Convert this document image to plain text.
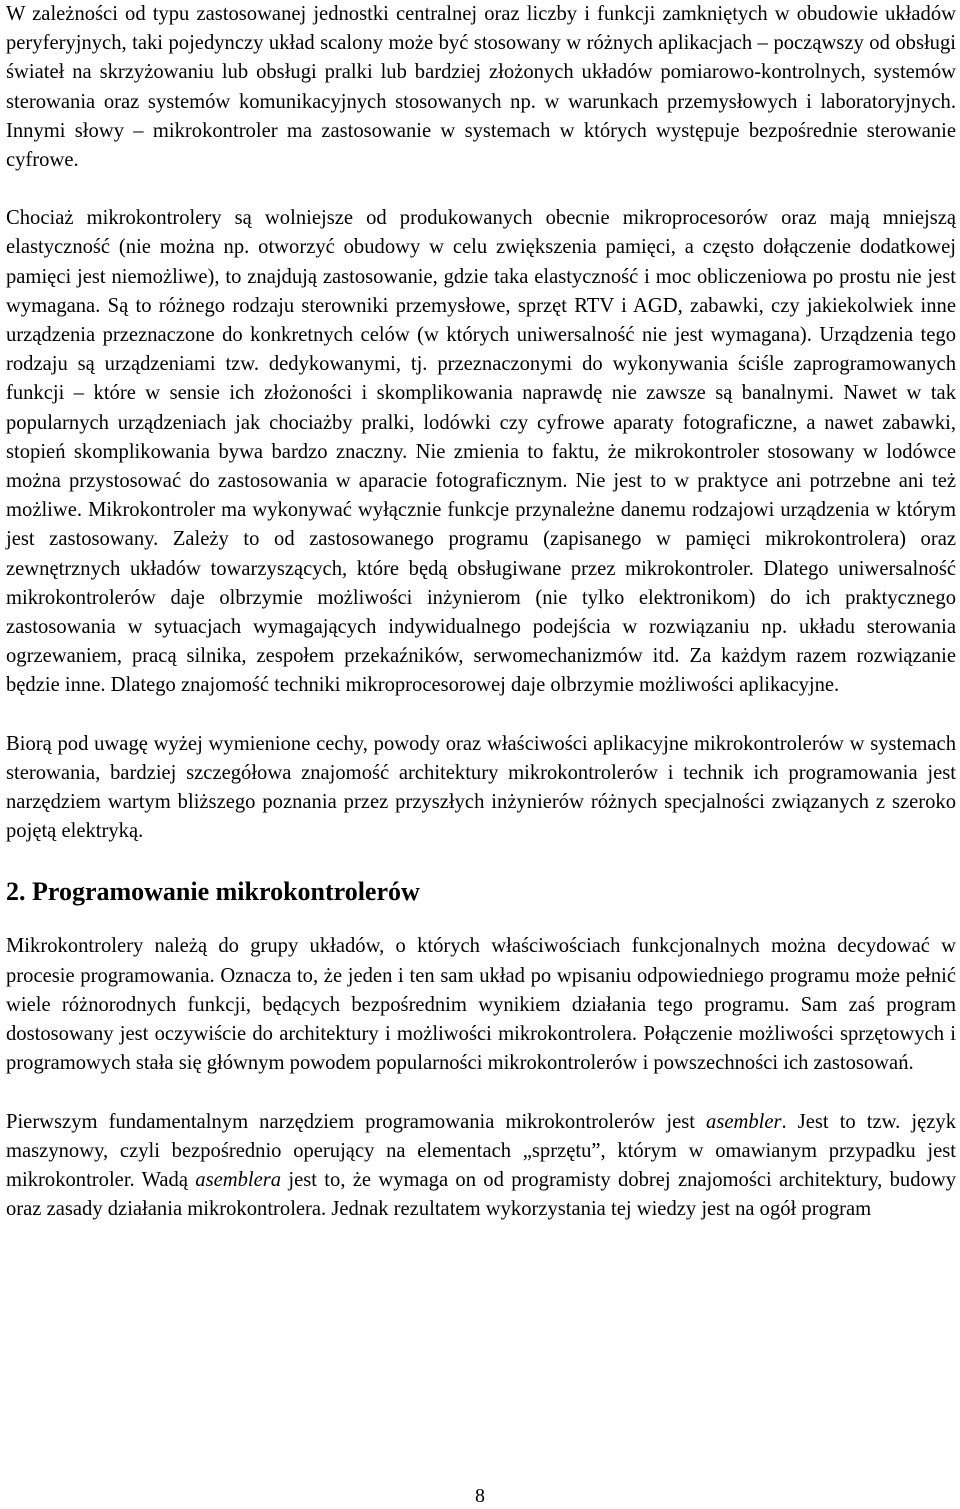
W zależności od typu zastosowanej jednostki centralnej oraz liczby i funkcji zamkniętych w obudowie układów peryferyjnych, taki pojedynczy układ scalony może być stosowany w różnych aplikacjach – począwszy od obsługi świateł na skrzyżowaniu lub obsługi pralki lub bardziej złożonych układów pomiarowo-kontrolnych, systemów sterowania oraz systemów komunikacyjnych stosowanych np. w warunkach przemysłowych i laboratoryjnych. Innymi słowy – mikrokontroler ma zastosowanie w systemach w których występuje bezpośrednie sterowanie cyfrowe.

Chociaż mikrokontrolery są wolniejsze od produkowanych obecnie mikroprocesorów oraz mają mniejszą elastyczność (nie można np. otworzyć obudowy w celu zwiększenia pamięci, a często dołączenie dodatkowej pamięci jest niemożliwe), to znajdują zastosowanie, gdzie taka elastyczność i moc obliczeniowa po prostu nie jest wymagana. Są to różnego rodzaju sterowniki przemysłowe, sprzęt RTV i AGD, zabawki, czy jakiekolwiek inne urządzenia przeznaczone do konkretnych celów (w których uniwersalność nie jest wymagana). Urządzenia tego rodzaju są urządzeniami tzw. dedykowanymi, tj. przeznaczonymi do wykonywania ściśle zaprogramowanych funkcji – które w sensie ich złożoności i skomplikowania naprawdę nie zawsze są banalnymi. Nawet w tak popularnych urządzeniach jak chociażby pralki, lodówki czy cyfrowe aparaty fotograficzne, a nawet zabawki, stopień skomplikowania bywa bardzo znaczny. Nie zmienia to faktu, że mikrokontroler stosowany w lodówce można przystosować do zastosowania w aparacie fotograficznym. Nie jest to w praktyce ani potrzebne ani też możliwe. Mikrokontroler ma wykonywać wyłącznie funkcje przynależne danemu rodzajowi urządzenia w którym jest zastosowany. Zależy to od zastosowanego programu (zapisanego w pamięci mikrokontrolera) oraz zewnętrznych układów towarzyszących, które będą obsługiwane przez mikrokontroler. Dlatego uniwersalność mikrokontrolerów daje olbrzymie możliwości inżynierom (nie tylko elektronikom) do ich praktycznego zastosowania w sytuacjach wymagających indywidualnego podejścia w rozwiązaniu np. układu sterowania ogrzewaniem, pracą silnika, zespołem przekaźników, serwomechanizmów itd. Za każdym razem rozwiązanie będzie inne. Dlatego znajomość techniki mikroprocesorowej daje olbrzymie możliwości aplikacyjne.

Biorą pod uwagę wyżej wymienione cechy, powody oraz właściwości aplikacyjne mikrokontrolerów w systemach sterowania, bardziej szczegółowa znajomość architektury mikrokontrolerów i technik ich programowania jest narzędziem wartym bliższego poznania przez przyszłych inżynierów różnych specjalności związanych z szeroko pojętą elektryką.

2. Programowanie mikrokontrolerów

Mikrokontrolery należą do grupy układów, o których właściwościach funkcjonalnych można decydować w procesie programowania. Oznacza to, że jeden i ten sam układ po wpisaniu odpowiedniego programu może pełnić wiele różnorodnych funkcji, będących bezpośrednim wynikiem działania tego programu. Sam zaś program dostosowany jest oczywiście do architektury i możliwości mikrokontrolera. Połączenie możliwości sprzętowych i programowych stała się głównym powodem popularności mikrokontrolerów i powszechności ich zastosowań.

Pierwszym fundamentalnym narzędziem programowania mikrokontrolerów jest asembler. Jest to tzw. język maszynowy, czyli bezpośrednio operujący na elementach „sprzętu”, którym w omawianym przypadku jest mikrokontroler. Wadą asemblera jest to, że wymaga on od programisty dobrej znajomości architektury, budowy oraz zasady działania mikrokontrolera. Jednak rezultatem wykorzystania tej wiedzy jest na ogół program

8
